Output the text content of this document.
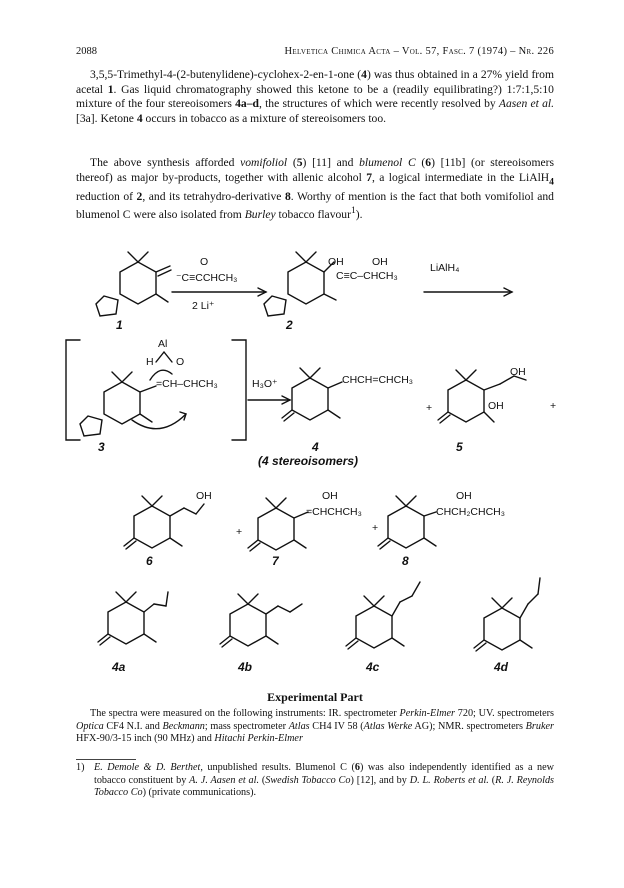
2088	Helvetica Chimica Acta – Vol. 57, Fasc. 7 (1974) – Nr. 226

3,5,5-Trimethyl-4-(2-butenylidene)-cyclohex-2-en-1-one (4) was thus obtained in a 27% yield from acetal 1. Gas liquid chromatography showed this ketone to be a (readily equilibrating?) 1:7:1,5:10 mixture of the four stereoisomers 4a–d, the structures of which were recently resolved by Aasen et al. [3a]. Ketone 4 occurs in tobacco as a mixture of stereoisomers too.

The above synthesis afforded vomifoliol (5) [11] and blumenol C (6) [11b] (or stereoisomers thereof) as major by-products, together with allenic alcohol 7, a logical intermediate in the LiAlH$_4$ reduction of 2, and its tetrahydro-derivative 8. Worthy of mention is the fact that both vomifoliol and blumenol C were also isolated from Burley tobacco flavour$^1$).

O
⁻C≡CCHCH₃
2 Li⁺
OH	OH
C≡C–CHCH₃
LiAlH₄
Al
H O
=CH–CHCH₃	H₃O⁺	CHCH=CHCH₃
+
OH
OH	+
OH
+
OH
=CHCHCH₃
+
OH
CHCH₂CHCH₃
1	2
3	4	5
(4 stereoisomers)
6	7	8
4a	4b	4c	4d
Experimental Part

The spectra were measured on the following instruments: IR. spectrometer Perkin-Elmer 720; UV. spectrometers Optica CF4 N.I. and Beckmann; mass spectrometer Atlas CH4 IV 58 (Atlas Werke AG); NMR. spectrometers Bruker HFX-90/3-15 inch (90 MHz) and Hitachi Perkin-Elmer

1) E. Demole & D. Berthet, unpublished results. Blumenol C (6) was also independently identified as a new tobacco constituent by A. J. Aasen et al. (Swedish Tobacco Co) [12], and by D. L. Roberts et al. (R. J. Reynolds Tobacco Co) (private communications).
